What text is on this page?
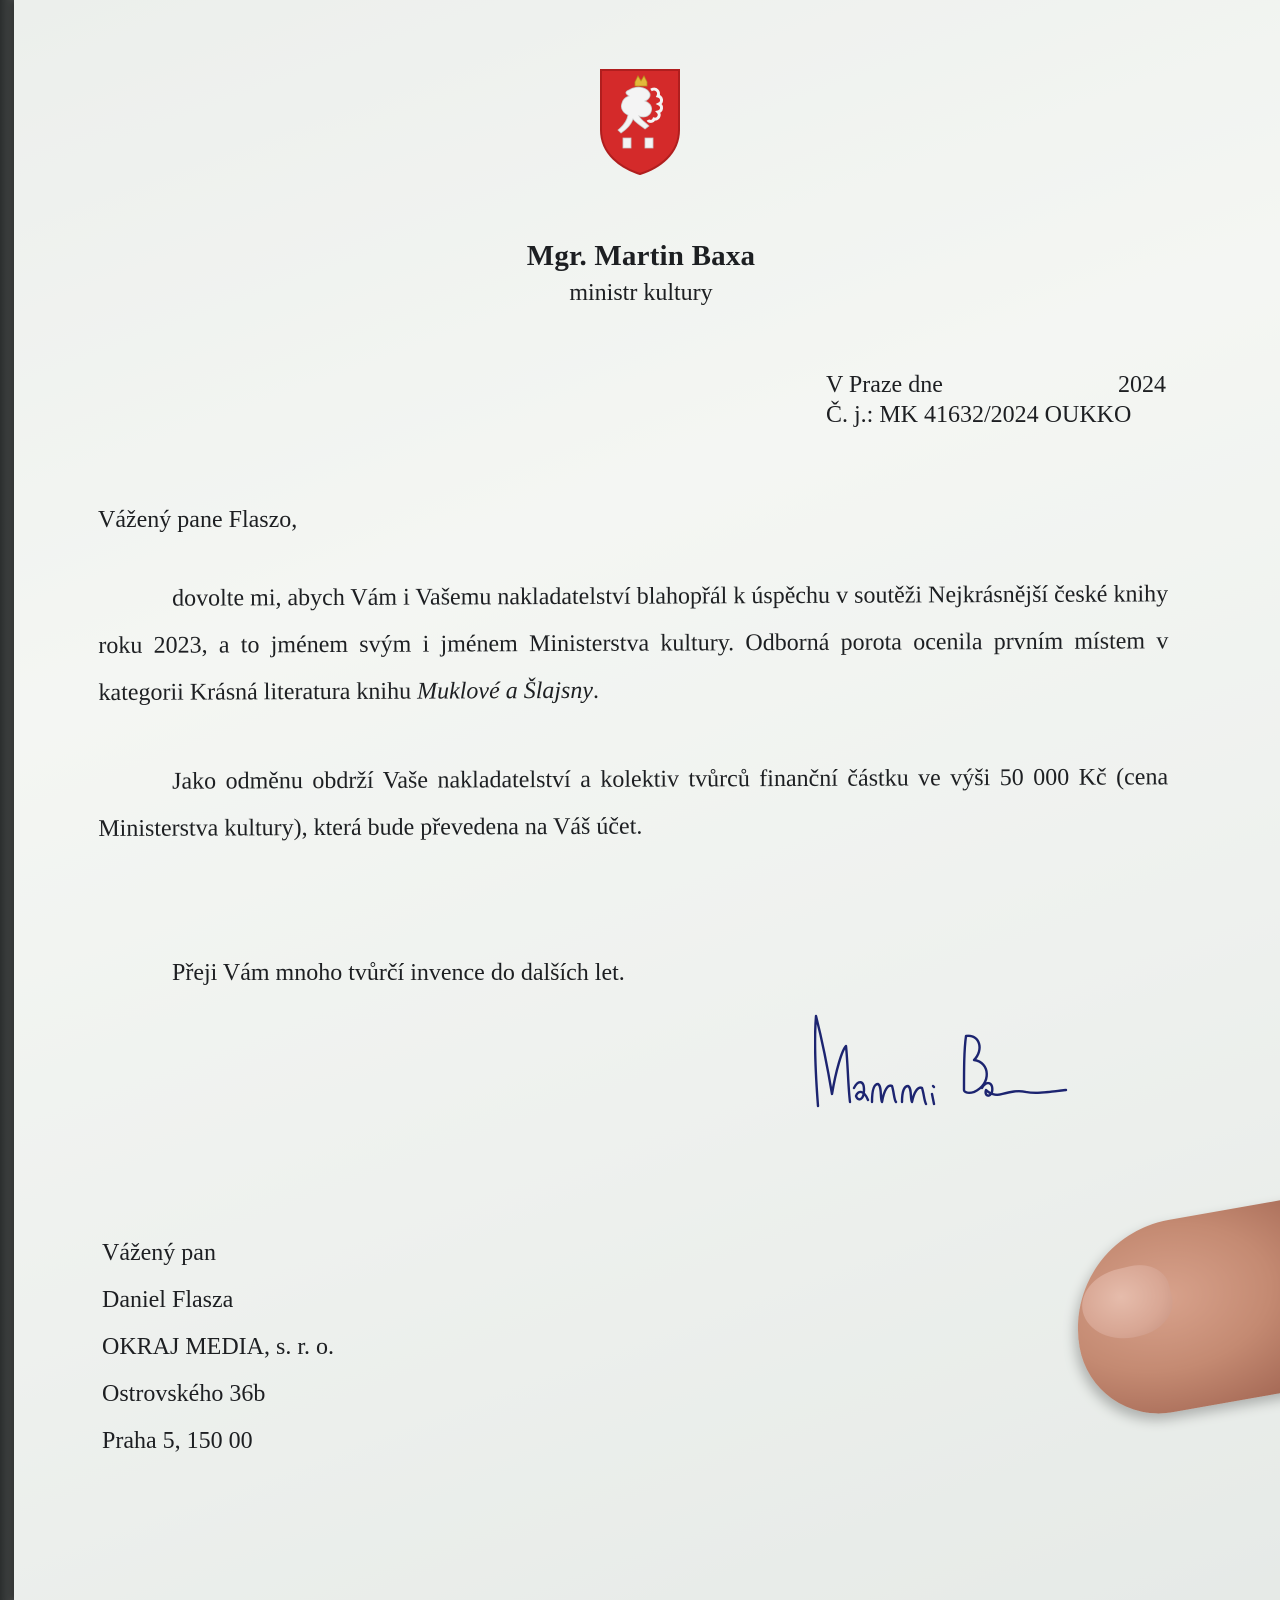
Mgr. Martin Baxa
ministr kultury
V Praze dne	2024
Č. j.: MK 41632/2024 OUKKO
Vážený pane Flaszo,
dovolte mi, abych Vám i Vašemu nakladatelství blahopřál k úspěchu v soutěži Nejkrásnější české knihy roku 2023, a to jménem svým i jménem Ministerstva kultury. Odborná porota ocenila prvním místem v kategorii Krásná literatura knihu Muklové a Šlajsny.
Jako odměnu obdrží Vaše nakladatelství a kolektiv tvůrců finanční částku ve výši 50 000 Kč (cena Ministerstva kultury), která bude převedena na Váš účet.
Přeji Vám mnoho tvůrčí invence do dalších let.
Vážený pan
Daniel Flasza
OKRAJ MEDIA, s. r. o.
Ostrovského 36b
Praha 5, 150 00
